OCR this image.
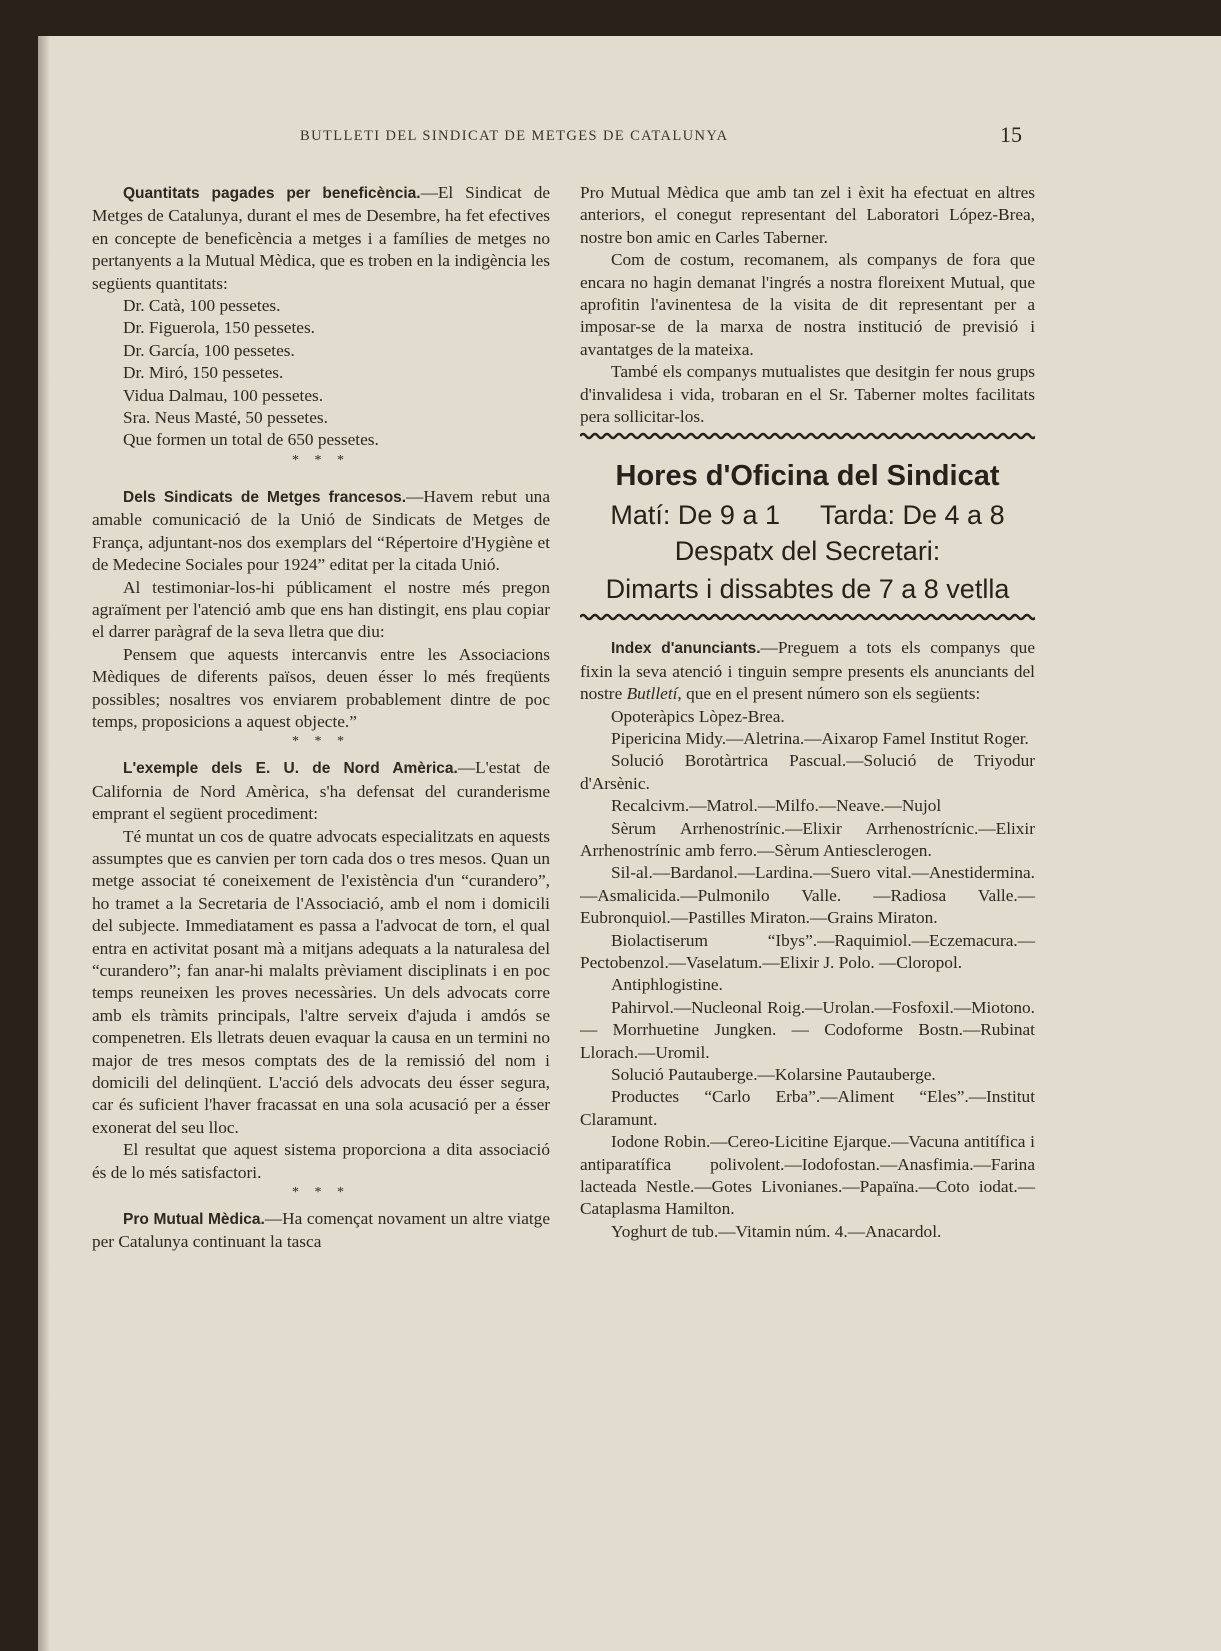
BUTLLETI DEL SINDICAT DE METGES DE CATALUNYA	15

Quantitats pagades per beneficència.—El Sindicat de Metges de Catalunya, durant el mes de Desembre, ha fet efectives en concepte de beneficència a metges i a famílies de metges no pertanyents a la Mutual Mèdica, que es troben en la indigència les següents quantitats:

Dr. Catà, 100 pessetes.

Dr. Figuerola, 150 pessetes.

Dr. García, 100 pessetes.

Dr. Miró, 150 pessetes.

Vidua Dalmau, 100 pessetes.

Sra. Neus Masté, 50 pessetes.

Que formen un total de 650 pessetes.

* * *

Dels Sindicats de Metges francesos.—Havem rebut una amable comunicació de la Unió de Sindicats de Metges de França, adjuntant-nos dos exemplars del “Répertoire d'Hygiène et de Medecine Sociales pour 1924” editat per la citada Unió.

Al testimoniar-los-hi públicament el nostre més pregon agraïment per l'atenció amb que ens han distingit, ens plau copiar el darrer paràgraf de la seva lletra que diu:

Pensem que aquests intercanvis entre les Associacions Mèdiques de diferents països, deuen ésser lo més freqüents possibles; nosaltres vos enviarem probablement dintre de poc temps, proposicions a aquest objecte.”

* * *

L'exemple dels E. U. de Nord Amèrica.—L'estat de California de Nord Amèrica, s'ha defensat del curanderisme emprant el següent procediment:

Té muntat un cos de quatre advocats especialitzats en aquests assumptes que es canvien per torn cada dos o tres mesos. Quan un metge associat té coneixement de l'existència d'un “curandero”, ho tramet a la Secretaria de l'Associació, amb el nom i domicili del subjecte. Immediatament es passa a l'advocat de torn, el qual entra en activitat posant mà a mitjans adequats a la naturalesa del “curandero”; fan anar-hi malalts prèviament disciplinats i en poc temps reuneixen les proves necessàries. Un dels advocats corre amb els tràmits principals, l'altre serveix d'ajuda i amdós se compenetren. Els lletrats deuen evaquar la causa en un termini no major de tres mesos comptats des de la remissió del nom i domicili del delinqüent. L'acció dels advocats deu ésser segura, car és suficient l'haver fracassat en una sola acusació per a ésser exonerat del seu lloc.

El resultat que aquest sistema proporciona a dita associació és de lo més satisfactori.

* * *

Pro Mutual Mèdica.—Ha començat novament un altre viatge per Catalunya continuant la tasca

Pro Mutual Mèdica que amb tan zel i èxit ha efectuat en altres anteriors, el conegut representant del Laboratori López-Brea, nostre bon amic en Carles Taberner.

Com de costum, recomanem, als companys de fora que encara no hagin demanat l'ingrés a nostra floreixent Mutual, que aprofitin l'avinentesa de la visita de dit representant per a imposar-se de la marxa de nostra institució de previsió i avantatges de la mateixa.

També els companys mutualistes que desitgin fer nous grups d'invalidesa i vida, trobaran en el Sr. Taberner moltes facilitats pera sollicitar-los.

Hores d'Oficina del Sindicat
Matí: De 9 a 1 Tarda: De 4 a 8
Despatx del Secretari:
Dimarts i dissabtes de 7 a 8 vetlla

Index d'anunciants.—Preguem a tots els companys que fixin la seva atenció i tinguin sempre presents els anunciants del nostre Butlletí, que en el present número son els següents:

Opoteràpics Lòpez-Brea.

Pipericina Midy.—Aletrina.—Aixarop Famel Institut Roger.

Solució Borotàrtrica Pascual.—Solució de Triyodur d'Arsènic.

Recalcivm.—Matrol.—Milfo.—Neave.—Nujol

Sèrum Arrhenostrínic.—Elixir Arrhenostrícnic.—Elixir Arrhenostrínic amb ferro.—Sèrum Antiesclerogen.

Sil-al.—Bardanol.—Lardina.—Suero vital.—Anestidermina.—Asmalicida.—Pulmonilo Valle. —Radiosa Valle.—Eubronquiol.—Pastilles Miraton.—Grains Miraton.

Biolactiserum “Ibys”.—Raquimiol.—Eczemacura.—Pectobenzol.—Vaselatum.—Elixir J. Polo. —Cloropol.

Antiphlogistine.

Pahirvol.—Nucleonal Roig.—Urolan.—Fosfoxil.—Miotono. — Morrhuetine Jungken. — Codoforme Bostn.—Rubinat Llorach.—Uromil.

Solució Pautauberge.—Kolarsine Pautauberge.

Productes “Carlo Erba”.—Aliment “Eles”.—Institut Claramunt.

Iodone Robin.—Cereo-Licitine Ejarque.—Vacuna antitífica i antiparatífica polivolent.—Iodofostan.—Anasfimia.—Farina lacteada Nestle.—Gotes Livonianes.—Papaïna.—Coto iodat.—Cataplasma Hamilton.

Yoghurt de tub.—Vitamin núm. 4.—Anacardol.
